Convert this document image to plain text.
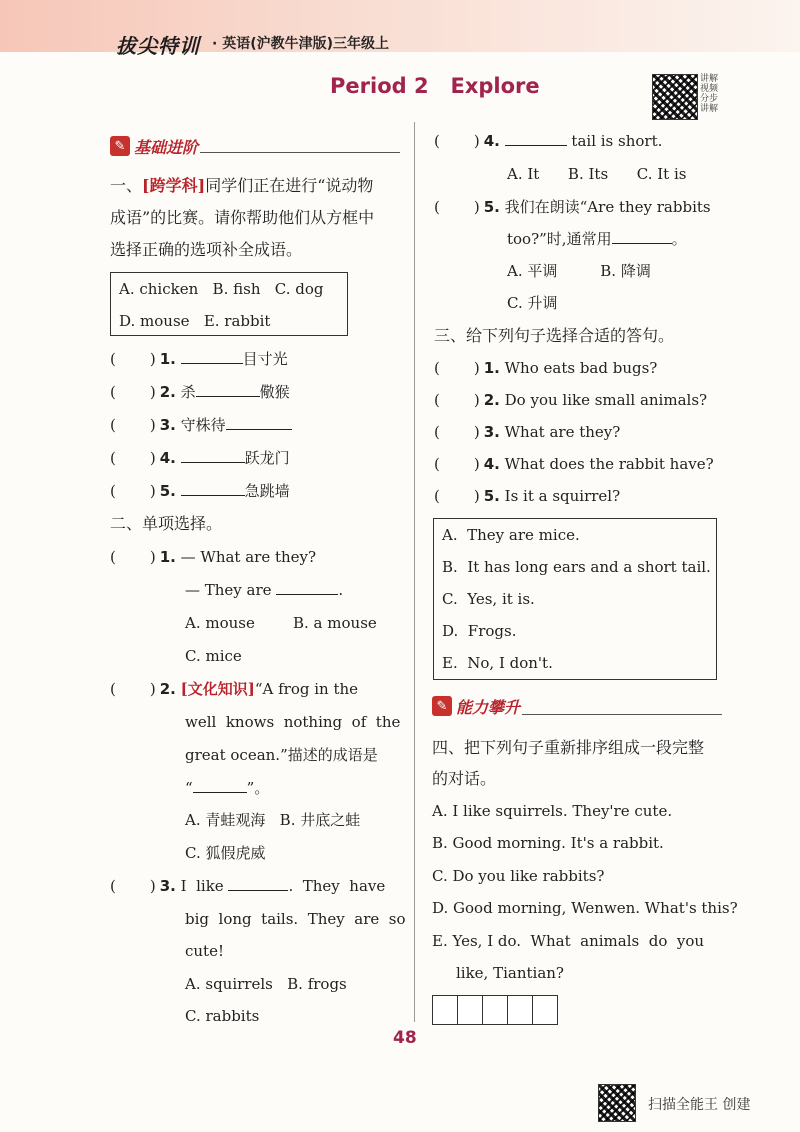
拔尖特训 · 英语(沪教牛津版)三年级上
Period 2   Explore	讲解视频 分步讲解
✎ 基础进阶
一、[跨学科]同学们正在进行“说动物
成语”的比赛。请你帮助他们从方框中
选择正确的选项补全成语。
A. chicken   B. fish   C. dog
D. mouse   E. rabbit
( ) 1.	目寸光
( ) 2. 杀	儆猴
( ) 3. 守株待
( ) 4.	跃龙门
( ) 5.	急跳墙
二、单项选择。
( ) 1. — What are they?
— They are	.
A. mouse        B. a mouse
C. mice
( ) 2. [文化知识]“A frog in the
well  knows  nothing  of  the
great ocean.”描述的成语是
“	”。
A. 青蛙观海   B. 井底之蛙
C. 狐假虎威
( ) 3. I  like	.  They  have
big  long  tails.  They  are  so
cute!
A. squirrels   B. frogs
C. rabbits
( ) 4.	tail is short.
A. It      B. Its      C. It is
( ) 5. 我们在朗读“Are they rabbits
too?”时,通常用	。
A. 平调         B. 降调
C. 升调
三、给下列句子选择合适的答句。
( ) 1. Who eats bad bugs?
( ) 2. Do you like small animals?
( ) 3. What are they?
( ) 4. What does the rabbit have?
( ) 5. Is it a squirrel?
A.  They are mice.
B.  It has long ears and a short tail.
C.  Yes, it is.
D.  Frogs.
E.  No, I don't.
✎ 能力攀升
四、把下列句子重新排序组成一段完整
的对话。
A. I like squirrels. They're cute.
B. Good morning. It's a rabbit.
C. Do you like rabbits?
D. Good morning, Wenwen. What's this?
E. Yes, I do.  What  animals  do  you
like, Tiantian?
48
扫描全能王 创建
